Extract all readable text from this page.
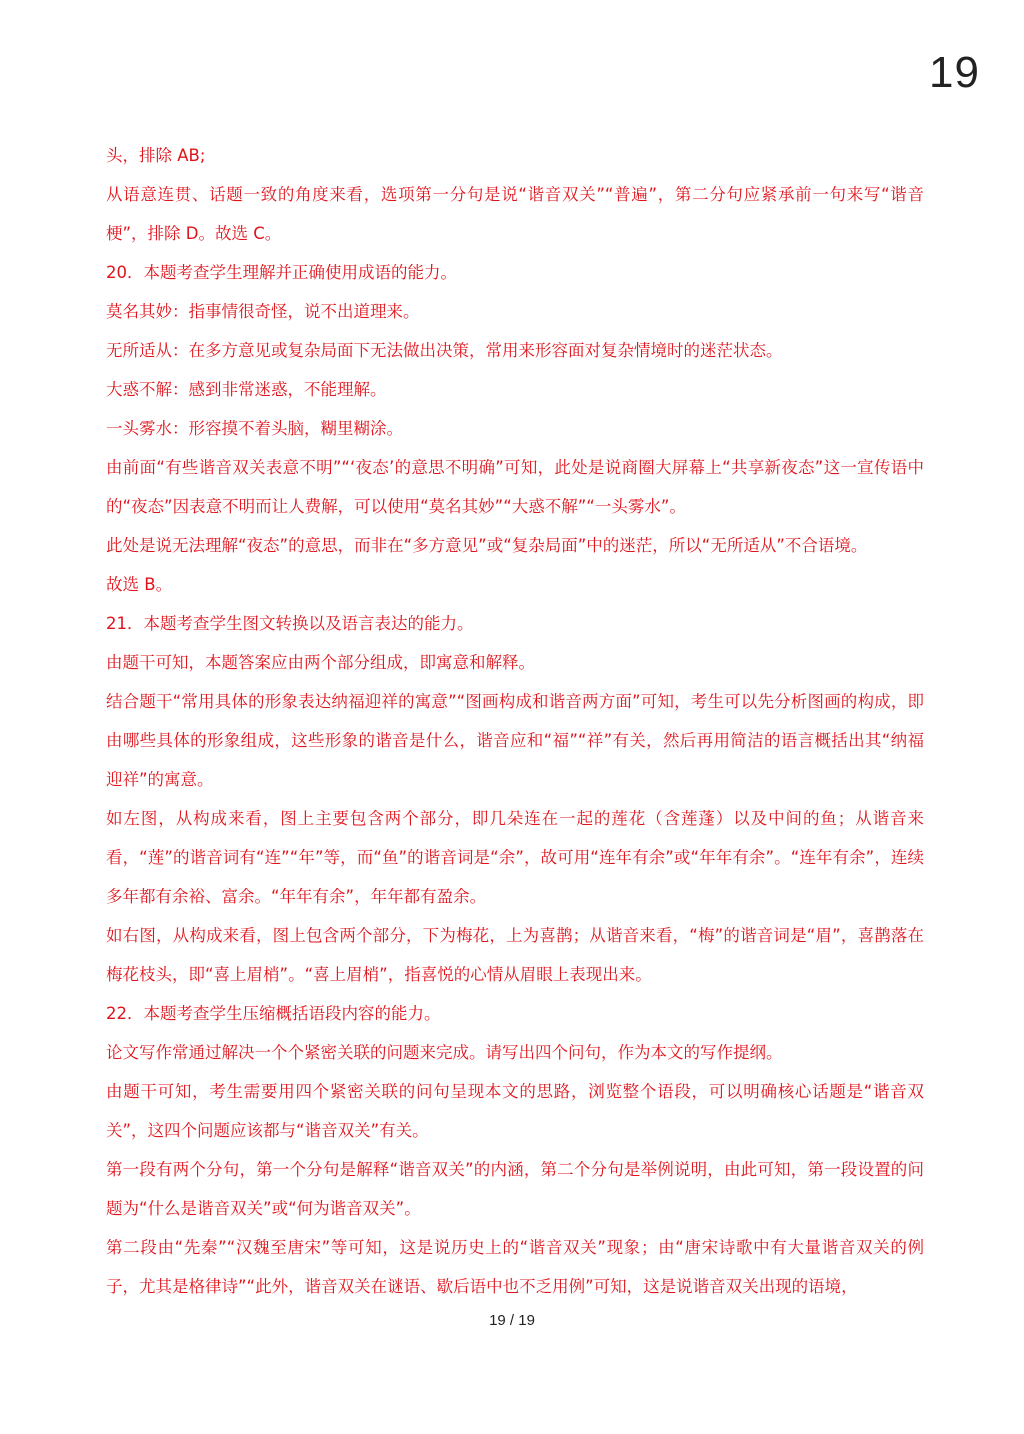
19

头，排除 AB;

从语意连贯、话题一致的角度来看，选项第一分句是说“谐音双关”“普遍”，第二分句应紧承前一句来写“谐音梗”，排除 D。故选 C。

20．本题考查学生理解并正确使用成语的能力。

莫名其妙：指事情很奇怪，说不出道理来。

无所适从：在多方意见或复杂局面下无法做出决策，常用来形容面对复杂情境时的迷茫状态。

大惑不解：感到非常迷惑，不能理解。

一头雾水：形容摸不着头脑，糊里糊涂。

由前面“有些谐音双关表意不明”“‘夜态’的意思不明确”可知，此处是说商圈大屏幕上“共享新夜态”这一宣传语中的“夜态”因表意不明而让人费解，可以使用“莫名其妙”“大惑不解”“一头雾水”。

此处是说无法理解“夜态”的意思，而非在“多方意见”或“复杂局面”中的迷茫，所以“无所适从”不合语境。

故选 B。

21．本题考查学生图文转换以及语言表达的能力。

由题干可知，本题答案应由两个部分组成，即寓意和解释。

结合题干“常用具体的形象表达纳福迎祥的寓意”“图画构成和谐音两方面”可知，考生可以先分析图画的构成，即由哪些具体的形象组成，这些形象的谐音是什么，谐音应和“福”“祥”有关，然后再用简洁的语言概括出其“纳福迎祥”的寓意。

如左图，从构成来看，图上主要包含两个部分，即几朵连在一起的莲花（含莲蓬）以及中间的鱼；从谐音来看，“莲”的谐音词有“连”“年”等，而“鱼”的谐音词是“余”，故可用“连年有余”或“年年有余”。“连年有余”，连续多年都有余裕、富余。“年年有余”，年年都有盈余。

如右图，从构成来看，图上包含两个部分，下为梅花，上为喜鹊；从谐音来看，“梅”的谐音词是“眉”，喜鹊落在梅花枝头，即“喜上眉梢”。“喜上眉梢”，指喜悦的心情从眉眼上表现出来。

22．本题考查学生压缩概括语段内容的能力。

论文写作常通过解决一个个紧密关联的问题来完成。请写出四个问句，作为本文的写作提纲。

由题干可知，考生需要用四个紧密关联的问句呈现本文的思路，浏览整个语段，可以明确核心话题是“谐音双关”，这四个问题应该都与“谐音双关”有关。

第一段有两个分句，第一个分句是解释“谐音双关”的内涵，第二个分句是举例说明，由此可知，第一段设置的问题为“什么是谐音双关”或“何为谐音双关”。

第二段由“先秦”“汉魏至唐宋”等可知，这是说历史上的“谐音双关”现象；由“唐宋诗歌中有大量谐音双关的例子，尤其是格律诗”“此外，谐音双关在谜语、歇后语中也不乏用例”可知，这是说谐音双关出现的语境，

19 / 19
